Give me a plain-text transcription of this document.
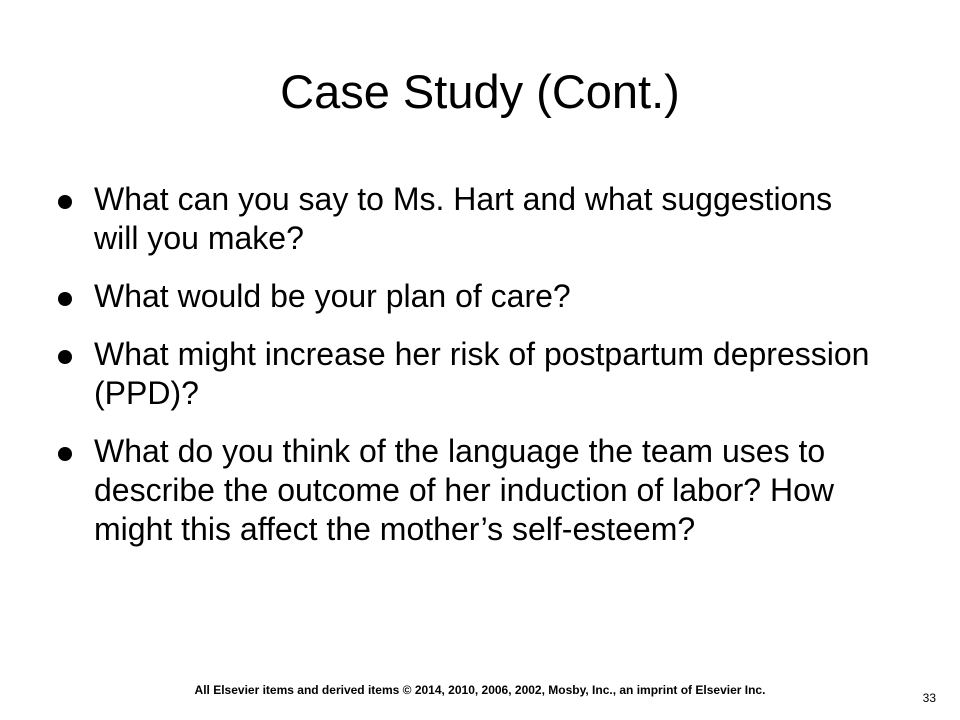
Case Study (Cont.)
What can you say to Ms. Hart and what suggestions will you make?
What would be your plan of care?
What might increase her risk of postpartum depression (PPD)?
What do you think of the language the team uses to describe the outcome of her induction of labor? How might this affect the mother’s self-esteem?
All Elsevier items and derived items © 2014, 2010, 2006, 2002, Mosby, Inc., an imprint of Elsevier Inc.
33
